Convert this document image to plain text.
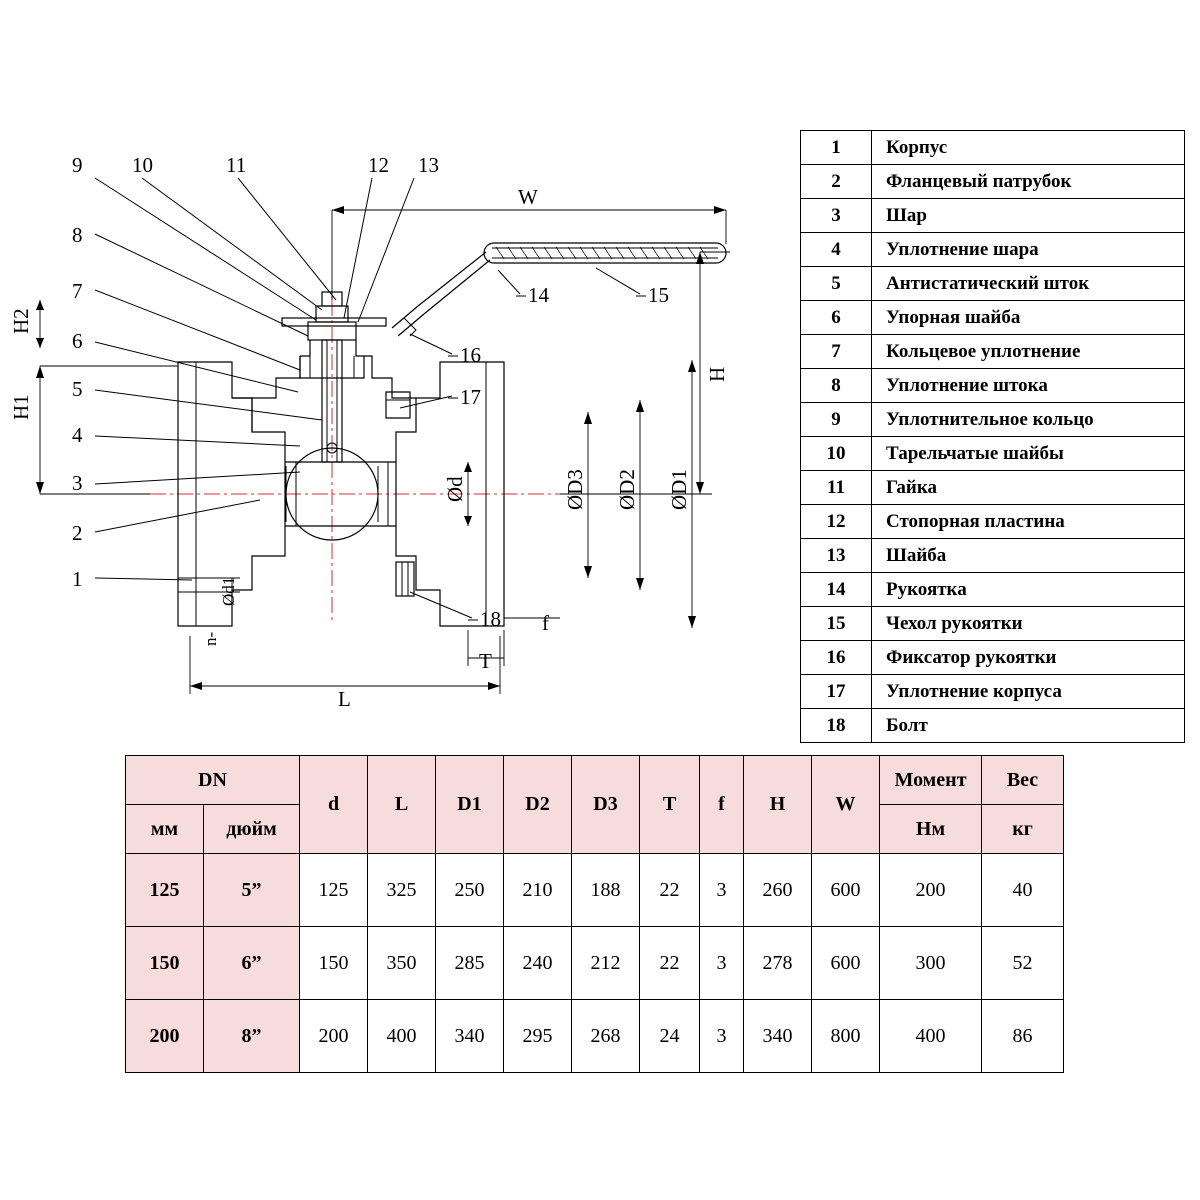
9 10	11	12 13
8
7
6
5
4
3
2
1
14	15
16
17
18
W
H
H1
H2
L
T
f
ØD1
ØD2
ØD3
Ød
Ød1
n-
1	Корпус
2	Фланцевый патрубок
3	Шар
4	Уплотнение шара
5	Антистатический шток
6	Упорная шайба
7	Кольцевое уплотнение
8	Уплотнение штока
9	Уплотнительное кольцо
10	Тарельчатые шайбы
11	Гайка
12	Стопорная пластина
13	Шайба
14	Рукоятка
15	Чехол рукоятки
16	Фиксатор рукоятки
17	Уплотнение корпуса
18	Болт
DN		d	L	D1	D2	D3	T	f	H	W	Момент	Вес
мм	дюйм										Нм	кг
125	5”	125	325	250	210	188	22	3	260	600	200	40
150	6”	150	350	285	240	212	22	3	278	600	300	52
200	8”	200	400	340	295	268	24	3	340	800	400	86
